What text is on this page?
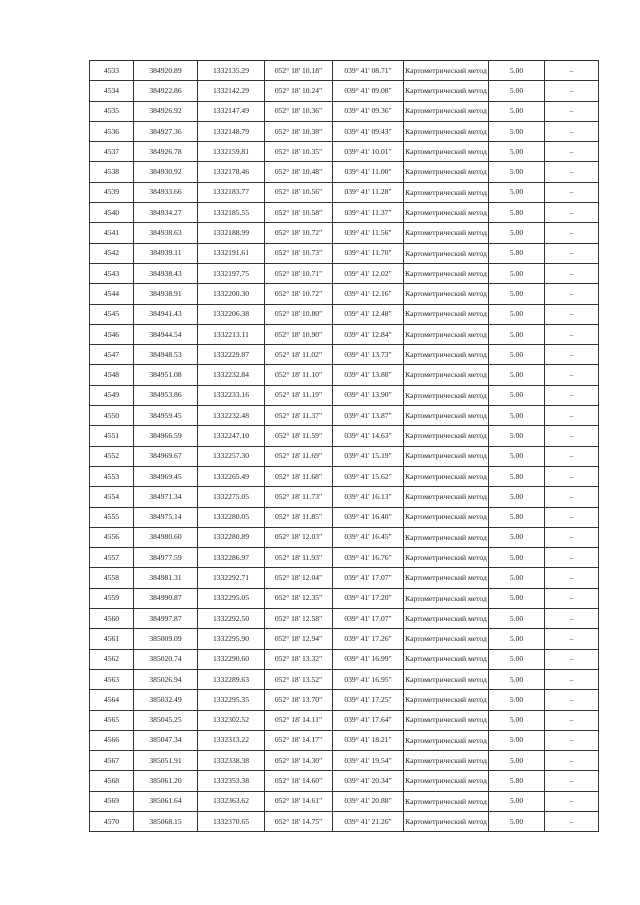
4533	384920.89	1332135.29	052° 18' 10.18"	039° 41' 08.71"	Картометрический метод	5.00	–
4534	384922.86	1332142.29	052° 18' 10.24"	039° 41' 09.08"	Картометрический метод	5.00	–
4535	384926.92	1332147.49	052° 18' 10.36"	039° 41' 09.36"	Картометрический метод	5.00	–
4536	384927.36	1332148.79	052° 18' 10.38"	039° 41' 09.43"	Картометрический метод	5.00	–
4537	384926.78	1332159.81	052° 18' 10.35"	039° 41' 10.01"	Картометрический метод	5.00	–
4538	384930.92	1332178.46	052° 18' 10.48"	039° 41' 11.00"	Картометрический метод	5.00	–
4539	384933.66	1332183.77	052° 18' 10.56"	039° 41' 11.28"	Картометрический метод	5.00	–
4540	384934.27	1332185.55	052° 18' 10.58"	039° 41' 11.37"	Картометрический метод	5.00	–
4541	384938.63	1332188.99	052° 18' 10.72"	039° 41' 11.56"	Картометрический метод	5.00	–
4542	384939.11	1332191.61	052° 18' 10.73"	039° 41' 11.70"	Картометрический метод	5.00	–
4543	384938.43	1332197.75	052° 18' 10.71"	039° 41' 12.02"	Картометрический метод	5.00	–
4544	384938.91	1332200.30	052° 18' 10.72"	039° 41' 12.16"	Картометрический метод	5.00	–
4545	384941.43	1332206.38	052° 18' 10.80"	039° 41' 12.48"	Картометрический метод	5.00	–
4546	384944.54	1332213.11	052° 18' 10.90"	039° 41' 12.84"	Картометрический метод	5.00	–
4547	384948.53	1332229.87	052° 18' 11.02"	039° 41' 13.73"	Картометрический метод	5.00	–
4548	384951.08	1332232.84	052° 18' 11.10"	039° 41' 13.88"	Картометрический метод	5.00	–
4549	384953.86	1332233.16	052° 18' 11.19"	039° 41' 13.90"	Картометрический метод	5.00	–
4550	384959.45	1332232.48	052° 18' 11.37"	039° 41' 13.87"	Картометрический метод	5.00	–
4551	384966.59	1332247.10	052° 18' 11.59"	039° 41' 14.63"	Картометрический метод	5.00	–
4552	384969.67	1332257.30	052° 18' 11.69"	039° 41' 15.19"	Картометрический метод	5.00	–
4553	384969.45	1332265.49	052° 18' 11.68"	039° 41' 15.62"	Картометрический метод	5.00	–
4554	384971.34	1332275.05	052° 18' 11.73"	039° 41' 16.13"	Картометрический метод	5.00	–
4555	384975.14	1332280.05	052° 18' 11.85"	039° 41' 16.40"	Картометрический метод	5.00	–
4556	384980.60	1332280.89	052° 18' 12.03"	039° 41' 16.45"	Картометрический метод	5.00	–
4557	384977.59	1332286.97	052° 18' 11.93"	039° 41' 16.76"	Картометрический метод	5.00	–
4558	384981.31	1332292.71	052° 18' 12.04"	039° 41' 17.07"	Картометрический метод	5.00	–
4559	384990.87	1332295.05	052° 18' 12.35"	039° 41' 17.20"	Картометрический метод	5.00	–
4560	384997.87	1332292.50	052° 18' 12.58"	039° 41' 17.07"	Картометрический метод	5.00	–
4561	385009.09	1332295.90	052° 18' 12.94"	039° 41' 17.26"	Картометрический метод	5.00	–
4562	385020.74	1332290.60	052° 18' 13.32"	039° 41' 16.99"	Картометрический метод	5.00	–
4563	385026.94	1332289.63	052° 18' 13.52"	039° 41' 16.95"	Картометрический метод	5.00	–
4564	385032.49	1332295.35	052° 18' 13.70"	039° 41' 17.25"	Картометрический метод	5.00	–
4565	385045.25	1332302.52	052° 18' 14.11"	039° 41' 17.64"	Картометрический метод	5.00	–
4566	385047.34	1332313.22	052° 18' 14.17"	039° 41' 18.21"	Картометрический метод	5.00	–
4567	385051.91	1332338.38	052° 18' 14.30"	039° 41' 19.54"	Картометрический метод	5.00	–
4568	385061.20	1332353.38	052° 18' 14.60"	039° 41' 20.34"	Картометрический метод	5.00	–
4569	385061.64	1332363.62	052° 18' 14.61"	039° 41' 20.88"	Картометрический метод	5.00	–
4570	385068.15	1332370.65	052° 18' 14.75"	039° 41' 21.26"	Картометрический метод	5.00	–
